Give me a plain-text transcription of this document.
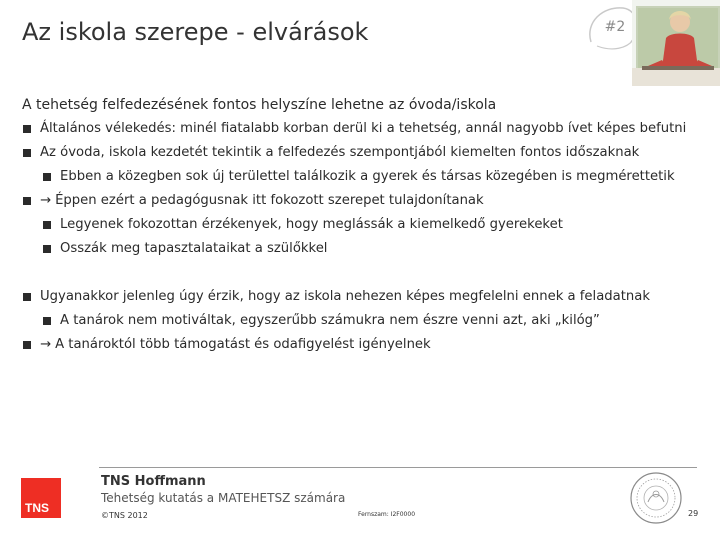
Az iskola szerepe - elvárások	#2
A tehetség felfedezésének fontos helyszíne lehetne az óvoda/iskola
Általános vélekedés: minél fiatalabb korban derül ki a tehetség, annál nagyobb ívet képes befutni
Az óvoda, iskola kezdetét tekintik a felfedezés szempontjából kiemelten fontos időszaknak
Ebben a közegben sok új területtel találkozik a gyerek és társas közegében is megmérettetik
→ Éppen ezért a pedagógusnak itt fokozott szerepet tulajdonítanak
Legyenek fokozottan érzékenyek, hogy meglássák a kiemelkedő gyerekeket
Osszák meg tapasztalataikat a szülőkkel
Ugyanakkor jelenleg úgy érzik, hogy az iskola nehezen képes megfelelni ennek a feladatnak
A tanárok nem motiváltak, egyszerűbb számukra nem észre venni azt, aki „kilóg”
→ A tanároktól több támogatást és odafigyelést igényelnek
TNS
TNS Hoffmann
Tehetség kutatás a MATEHETSZ számára
©TNS 2012	Fernszam: I2F0000	29
